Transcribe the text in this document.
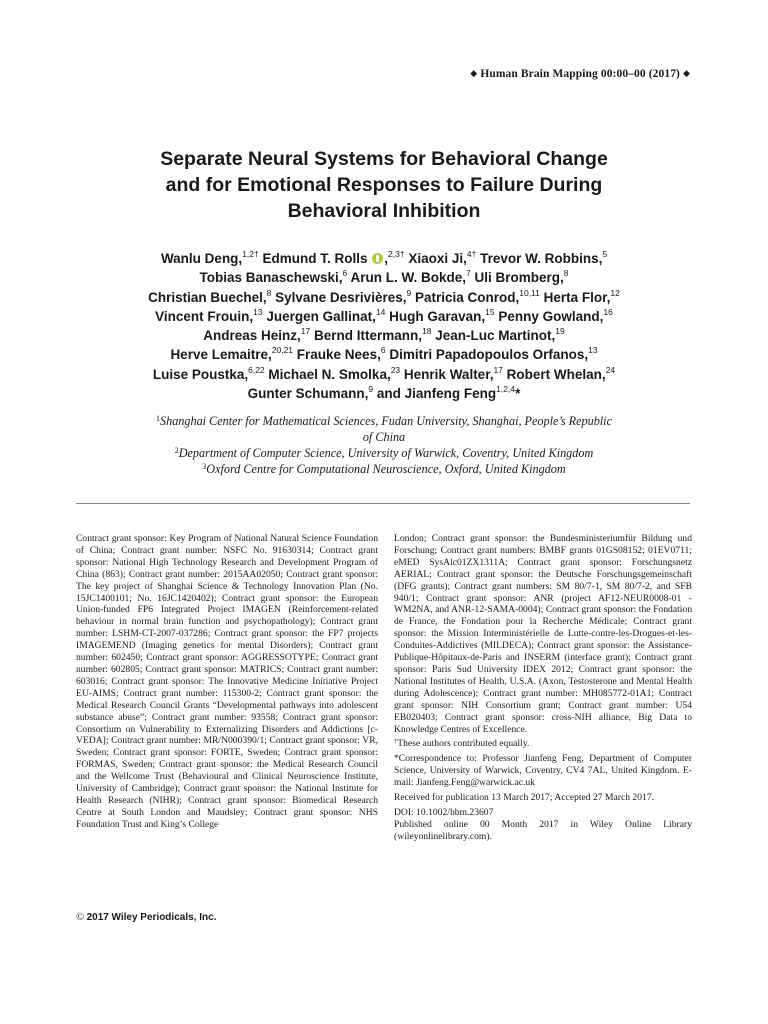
◆ Human Brain Mapping 00:00–00 (2017) ◆
Separate Neural Systems for Behavioral Change
and for Emotional Responses to Failure During
Behavioral Inhibition
Wanlu Deng,$^{1,2\dagger}$ Edmund T. Rolls ,$^{2,3\dagger}$ Xiaoxi Ji,$^{4\dagger}$ Trevor W. Robbins,$^5$
Tobias Banaschewski,$^6$ Arun L. W. Bokde,$^7$ Uli Bromberg,$^8$
Christian Buechel,$^8$ Sylvane Desrivières,$^9$ Patricia Conrod,$^{10,11}$ Herta Flor,$^{12}$
Vincent Frouin,$^{13}$ Juergen Gallinat,$^{14}$ Hugh Garavan,$^{15}$ Penny Gowland,$^{16}$
Andreas Heinz,$^{17}$ Bernd Ittermann,$^{18}$ Jean-Luc Martinot,$^{19}$
Herve Lemaitre,$^{20,21}$ Frauke Nees,$^6$ Dimitri Papadopoulos Orfanos,$^{13}$
Luise Poustka,$^{6,22}$ Michael N. Smolka,$^{23}$ Henrik Walter,$^{17}$ Robert Whelan,$^{24}$
Gunter Schumann,$^9$ and Jianfeng Feng$^{1,2,4}$*
$^1$Shanghai Center for Mathematical Sciences, Fudan University, Shanghai, People’s Republic
of China
$^2$Department of Computer Science, University of Warwick, Coventry, United Kingdom
$^3$Oxford Centre for Computational Neuroscience, Oxford, United Kingdom

Contract grant sponsor: Key Program of National Natural Science Foundation of China; Contract grant number: NSFC No. 91630314; Contract grant sponsor: National High Technology Research and Development Program of China (863); Contract grant number: 2015AA02050; Contract grant sponsor: The key project of Shanghai Science & Technology Innovation Plan (No. 15JC1400101; No. 16JC1420402); Contract grant sponsor: the European Union-funded FP6 Integrated Project IMAGEN (Reinforcement-related behaviour in normal brain function and psychopathology); Contract grant number: LSHM-CT-2007-037286; Contract grant sponsor: the FP7 projects IMAGEMEND (Imaging genetics for mental Disorders); Contract grant number: 602450; Contract grant sponsor: AGGRESSOTYPE; Contract grant number: 602805; Contract grant sponsor: MATRICS; Contract grant number: 603016; Contract grant sponsor: The Innovative Medicine Initiative Project EU-AIMS; Contract grant number: 115300-2; Contract grant sponsor: the Medical Research Council Grants “Developmental pathways into adolescent substance abuse”; Contract grant number: 93558; Contract grant sponsor: Consortium on Vulnerability to Externalizing Disorders and Addictions [c-VEDA]; Contract grant number: MR/N000390/1; Contract grant sponsor: VR, Sweden; Contract grant sponsor: FORTE, Sweden; Contract grant sponsor: FORMAS, Sweden; Contract grant sponsor: the Medical Research Council and the Wellcome Trust (Behavioural and Clinical Neuroscience Institute, University of Cambridge); Contract grant sponsor: the National Institute for Health Research (NIHR); Contract grant sponsor: Biomedical Research Centre at South London and Maudsley; Contract grant sponsor: NHS Foundation Trust and King’s College

London; Contract grant sponsor: the Bundesministeriumfür Bildung und Forschung; Contract grant numbers: BMBF grants 01GS08152; 01EV0711; eMED SysAlc01ZX1311A; Contract grant sponsor: Forschungsnetz AERIAL; Contract grant sponsor: the Deutsche Forschungsgemeinschaft (DFG grants); Contract grant numbers: SM 80/7-1, SM 80/7-2, and SFB 940/1; Contract grant sponsor: ANR (project AF12-NEUR0008-01 - WM2NA, and ANR-12-SAMA-0004); Contract grant sponsor: the Fondation de France, the Fondation pour la Recherche Médicale; Contract grant sponsor: the Mission Interministérielle de Lutte-contre-les-Drogues-et-les-Conduites-Addictives (MILDECA); Contract grant sponsor: the Assistance-Publique-Hôpitaux-de-Paris and INSERM (interface grant); Contract grant sponsor: Paris Sud University IDEX 2012; Contract grant sponsor: the National Institutes of Health, U.S.A. (Axon, Testosterone and Mental Health during Adolescence); Contract grant number: MH085772-01A1; Contract grant sponsor: NIH Consortium grant; Contract grant number: U54 EB020403; Contract grant sponsor: cross-NIH alliance, Big Data to Knowledge Centres of Excellence.

†These authors contributed equally.

*Correspondence to: Professor Jianfeng Feng, Department of Computer Science, University of Warwick, Coventry, CV4 7AL, United Kingdom. E-mail: Jianfeng.Feng@warwick.ac.uk

Received for publication 13 March 2017; Accepted 27 March 2017.

DOI: 10.1002/hbm.23607

Published online 00 Month 2017 in Wiley Online Library (wileyonlinelibrary.com).

© 2017 Wiley Periodicals, Inc.
